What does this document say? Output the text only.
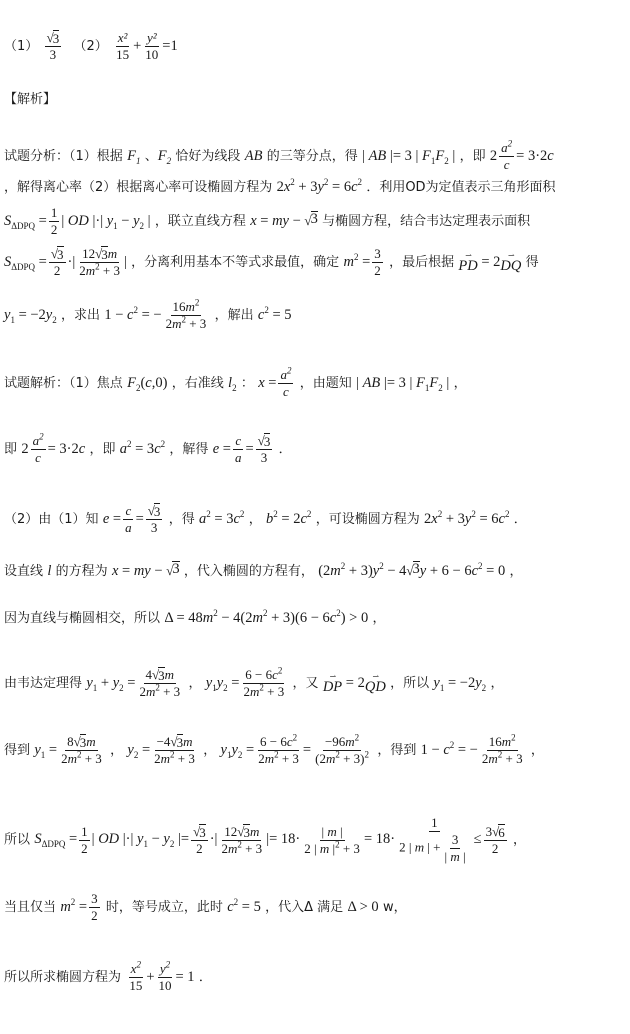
$(1) \frac{√ 3}{3} (2) \frac{\text{x²}}{15} + \frac{\text{y²}}{10} =1$
【解析】
试题分析：（1）根据 $F_1$ 、$F_2$ 恰好为线段 AB 的三等分点，得 | AB |= 3 | $F_1F_2$ | ，即 $2 \frac{a^2}{c} = 3\cdot 2c$
，解得离心率（2）根据离心率可设椭圆方程为 $2x^2 + 3y^2 = 6c^2$ ．利用OD为定值表示三角形面积
$S_{\Delta DPQ} = \frac{1}{2}$ | OD |·| $y_1 - y_2$ | ，联立直线方程 x = my − √ 3 与椭圆方程，结合韦达定理表示面积
$S_{\Delta DPQ} = \frac{√ 3}{2}$ ·| $\frac{12 √ 3 m}{2m^2 + 3}$ | ，分离利用基本不等式求最值，确定 $m^2 = \frac{3}{2}$ ，最后根据 ⇀
PD = 2 ⇀
DQ 得
$y_1 = -2y_2$ ，求出 $1 - c^2$ = − $\frac{16m^2}{2m^2 + 3}$ ，解出 $c^2 = 5$
试题解析：（1）焦点 $F_2(c,0)$ ，右准线 $l_2$ ： $x = \frac{a^2}{c}$ ，由题知 | AB |= 3 | $F_1F_2$ | ，
即 $2 \frac{a^2}{c} = 3\cdot 2c$ ，即 $a^2 = 3c^2$ ，解得 $e = \frac{c}{a} = \frac{√ 3}{3}$ ．
（2）由（1）知 $e = \frac{c}{a} = \frac{√ 3}{3}$ ，得 $a^2 = 3c^2$ ， $b^2 = 2c^2$ ，可设椭圆方程为 $2x^2 + 3y^2 = 6c^2$ ．
设直线 l 的方程为 x = my − √ 3 ，代入椭圆的方程有， $(2m^2 + 3)y^2 - 4$ √ 3 $y + 6 - 6c^2 = 0$ ，
因为直线与椭圆相交，所以 $\Delta = 48m^2 - 4(2m^2 + 3)(6 - 6c^2) > 0$ ，
由韦达定理得 $y_1 + y_2 = \frac{4 √ 3 m}{2m^2 + 3}$ ， $y_1y_2 = \frac{6 - 6c^2}{2m^2 + 3}$ ，又 ⇀
DP = 2 ⇀
QD ，所以 $y_1 = -2y_2$ ，
得到 $y_1 = \frac{8 √ 3 m}{2m^2 + 3}$ ， $y_2 = \frac{-4 √ 3 m}{2m^2 + 3}$ ， $y_1y_2 = \frac{6 - 6c^2}{2m^2 + 3} = \frac{-96m^2}{(2m^2 + 3)^2}$ ，得到 $1 - c^2$ = − $\frac{16m^2}{2m^2 + 3}$ ，
所以 $S_{\Delta DPQ} = \frac{1}{2}$ | OD |·| $y_1 - y_2$ |= $\frac{√ 3}{2}$ ·| $\frac{12 √ 3 m}{2m^2 + 3}$ |= $18\cdot \frac{| m |}{2 | m |^2 + 3} = 18\cdot \frac{1}{2 | m | + \frac{3}{| m |}} \le \frac{3 √ 6}{2}$ ，
当且仅当 $m^2 = \frac{3}{2}$ 时，等号成立，此时 $c^2 = 5$ ，代入Δ 满足 Δ > 0 w，
所以所求椭圆方程为 $\frac{x^2}{15} + \frac{y^2}{10} = 1$ ．
